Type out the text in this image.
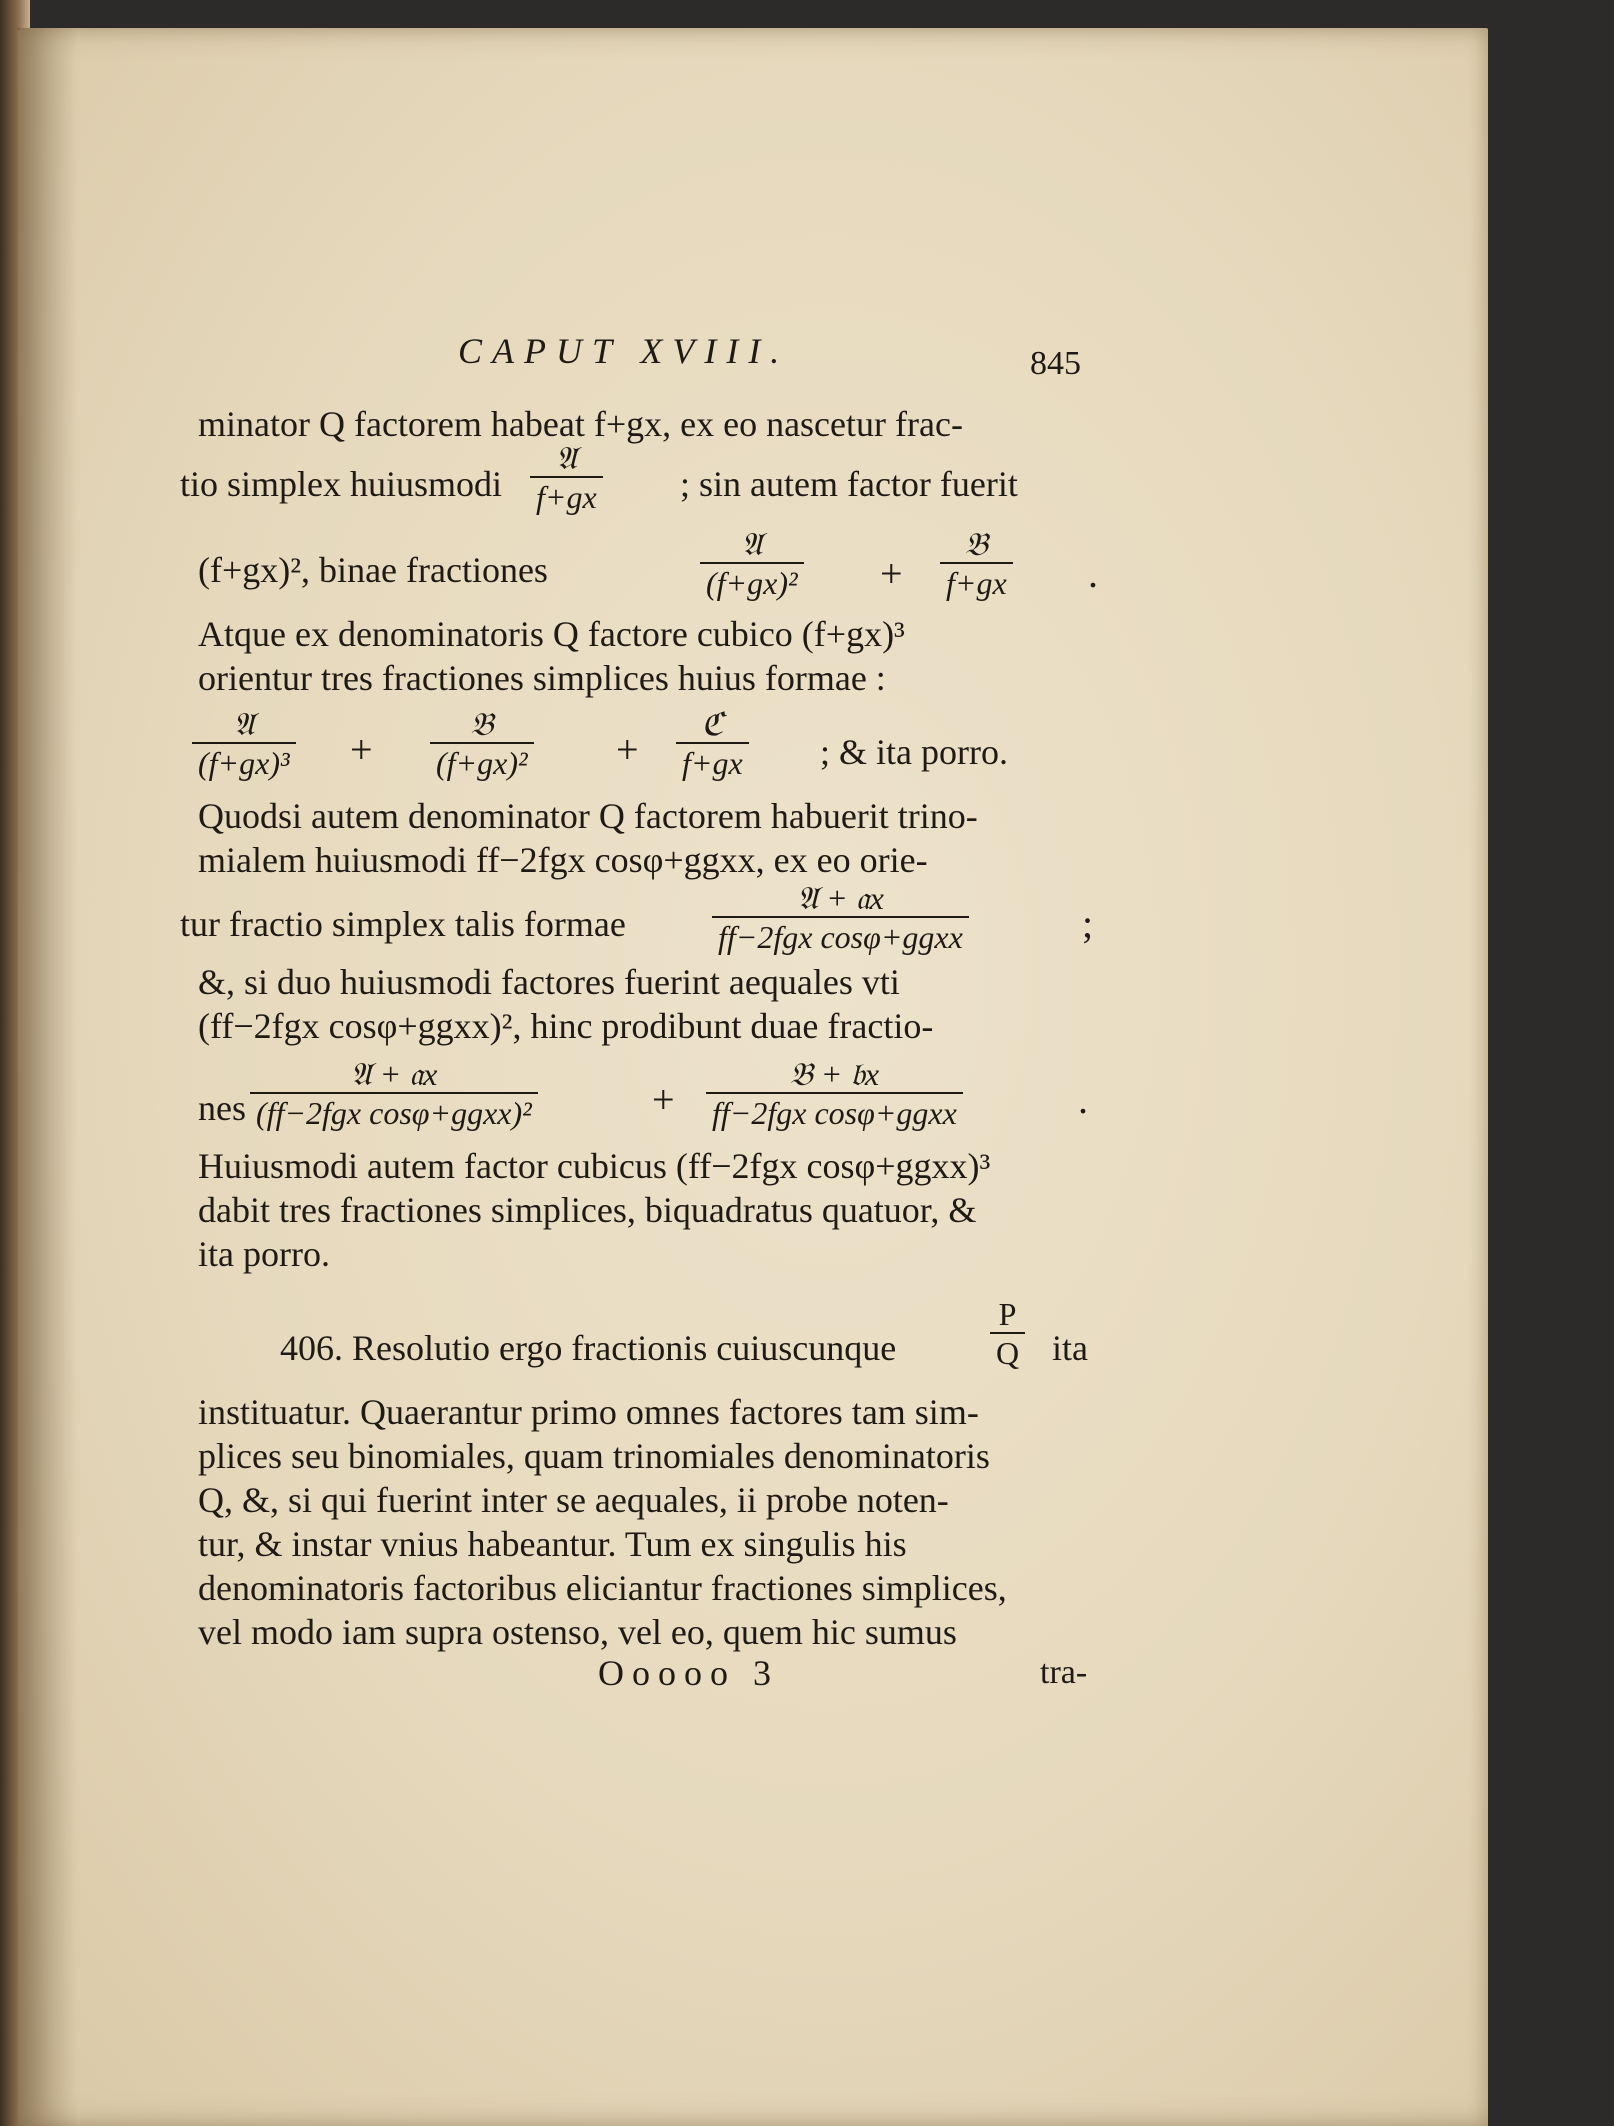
CAPUT XVIII.	845
minator Q factorem habeat f+gx, ex eo nascetur frac-
tio simplex huiusmodi
𝔄
f+gx ; sin autem factor fuerit
(f+gx)², binae fractiones
𝔄
(f+gx)² +
𝔅
f+gx .
Atque ex denominatoris Q factore cubico (f+gx)³
orientur tres fractiones simplices huius formae :
𝔄
(f+gx)³ +
𝔅
(f+gx)² +
ℭ
f+gx ; & ita porro.
Quodsi autem denominator Q factorem habuerit trino-
mialem huiusmodi ff−2fgx cosφ+ggxx, ex eo orie-
tur fractio simplex talis formae
𝔄 + 𝔞x
ff−2fgx cosφ+ggxx	;
&, si duo huiusmodi factores fuerint aequales vti
(ff−2fgx cosφ+ggxx)², hinc prodibunt duae fractio-
nes
𝔄 + 𝔞x
(ff−2fgx cosφ+ggxx)²	+
𝔅 + 𝔟x
ff−2fgx cosφ+ggxx	.
Huiusmodi autem factor cubicus (ff−2fgx cosφ+ggxx)³
dabit tres fractiones simplices, biquadratus quatuor, &
ita porro.
406. Resolutio ergo fractionis cuiuscunque
P
Q ita
instituatur. Quaerantur primo omnes factores tam sim-
plices seu binomiales, quam trinomiales denominatoris
Q, &, si qui fuerint inter se aequales, ii probe noten-
tur, & instar vnius habeantur. Tum ex singulis his
denominatoris factoribus eliciantur fractiones simplices,
vel modo iam supra ostenso, vel eo, quem hic sumus
Ooooo 3	tra-
